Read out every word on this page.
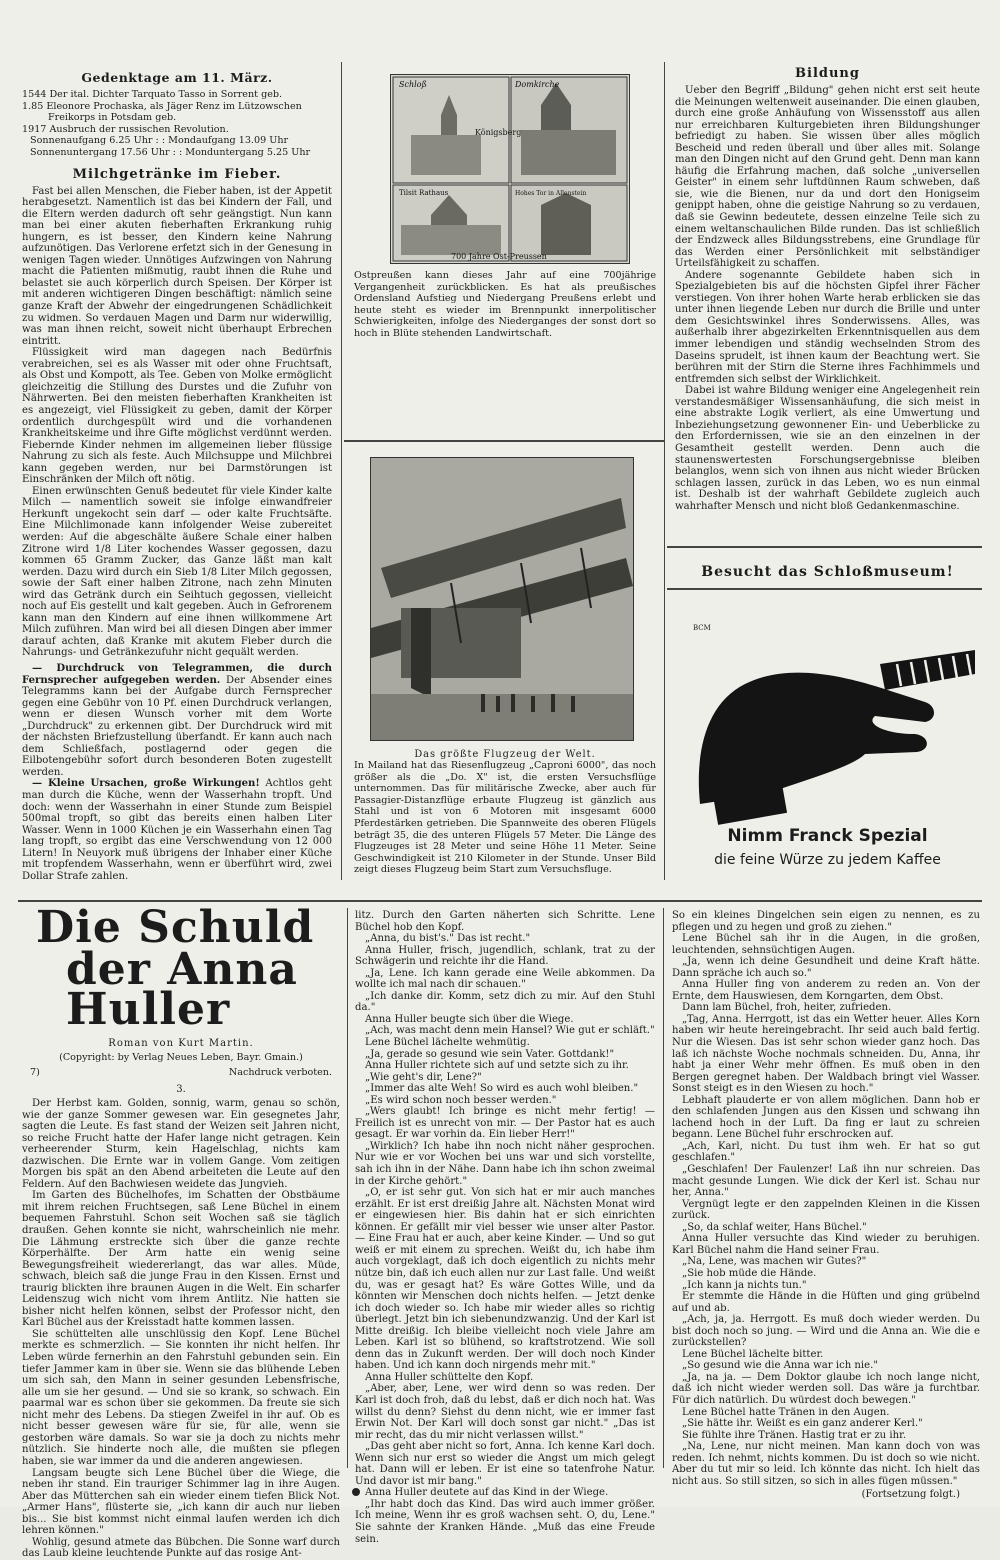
Gedenktage am 11. März.
1544 Der ital. Dichter Tarquato Tasso in Sorrent geb.
1.85 Eleonore Prochaska, als Jäger Renz im Lützowschen
Freikorps in Potsdam geb.
1917 Ausbruch der russischen Revolution.
Sonnenaufgang 6.25 Uhr : : Mondaufgang 13.09 Uhr
Sonnenuntergang 17.56 Uhr : : Monduntergang 5.25 Uhr
Milchgetränke im Fieber.

Fast bei allen Menschen, die Fieber haben, ist der Appetit herabgesetzt. Namentlich ist das bei Kindern der Fall, und die Eltern werden dadurch oft sehr geängstigt. Nun kann man bei einer akuten fieberhaften Erkrankung ruhig hungern, es ist besser, den Kindern keine Nahrung aufzunötigen. Das Verlorene erfetzt sich in der Genesung in wenigen Tagen wieder. Unnötiges Aufzwingen von Nahrung macht die Patienten mißmutig, raubt ihnen die Ruhe und belastet sie auch körperlich durch Speisen. Der Körper ist mit anderen wichtigeren Dingen beschäftigt: nämlich seine ganze Kraft der Abwehr der eingedrungenen Schädlichkeit zu widmen. So verdauen Magen und Darm nur widerwillig, was man ihnen reicht, soweit nicht überhaupt Erbrechen eintritt.

Flüssigkeit wird man dagegen nach Bedürfnis verabreichen, sei es als Wasser mit oder ohne Fruchtsaft, als Obst und Kompott, als Tee. Geben von Molke ermöglicht gleichzeitig die Stillung des Durstes und die Zufuhr von Nährwerten. Bei den meisten fieberhaften Krankheiten ist es angezeigt, viel Flüssigkeit zu geben, damit der Körper ordentlich durchgespült wird und die vorhandenen Krankheitskeime und ihre Gifte möglichst verdünnt werden. Fiebernde Kinder nehmen im allgemeinen lieber flüssige Nahrung zu sich als feste. Auch Milchsuppe und Milchbrei kann gegeben werden, nur bei Darmstörungen ist Einschränken der Milch oft nötig.

Einen erwünschten Genuß bedeutet für viele Kinder kalte Milch — namentlich soweit sie infolge einwandfreier Herkunft ungekocht sein darf — oder kalte Fruchtsäfte. Eine Milchlimonade kann infolgender Weise zubereitet werden: Auf die abgeschälte äußere Schale einer halben Zitrone wird 1/8 Liter kochendes Wasser gegossen, dazu kommen 65 Gramm Zucker, das Ganze läßt man kalt werden. Dazu wird durch ein Sieb 1/8 Liter Milch gegossen, sowie der Saft einer halben Zitrone, nach zehn Minuten wird das Getränk durch ein Seihtuch gegossen, vielleicht noch auf Eis gestellt und kalt gegeben. Auch in Gefrorenem kann man den Kindern auf eine ihnen willkommene Art Milch zuführen. Man wird bei all diesen Dingen aber immer darauf achten, daß Kranke mit akutem Fieber durch die Nahrungs- und Getränkezufuhr nicht gequält werden.

— Durchdruck von Telegrammen, die durch Fernsprecher aufgegeben werden. Der Absender eines Telegramms kann bei der Aufgabe durch Fernsprecher gegen eine Gebühr von 10 Pf. einen Durchdruck verlangen, wenn er diesen Wunsch vorher mit dem Worte „Durchdruck" zu erkennen gibt. Der Durchdruck wird mit der nächsten Briefzustellung überfandt. Er kann auch nach dem Schließfach, postlagernd oder gegen die Eilbotengebühr sofort durch besonderen Boten zugestellt werden.

— Kleine Ursachen, große Wirkungen! Achtlos geht man durch die Küche, wenn der Wasserhahn tropft. Und doch: wenn der Wasserhahn in einer Stunde zum Beispiel 500mal tropft, so gibt das bereits einen halben Liter Wasser. Wenn in 1000 Küchen je ein Wasserhahn einen Tag lang tropft, so ergibt das eine Verschwendung von 12 000 Litern! In Neuyork muß übrigens der Inhaber einer Küche mit tropfendem Wasserhahn, wenn er überführt wird, zwei Dollar Strafe zahlen.

Schloß	Domkirche
Königsberg
Tilsit Rathaus	Hohes Tor in Allenstein
700 Jahre Ost-Preussen
Ostpreußen kann dieses Jahr auf eine 700jährige Vergangenheit zurückblicken. Es hat als preußisches Ordensland Aufstieg und Niedergang Preußens erlebt und heute steht es wieder im Brennpunkt innerpolitischer Schwierigkeiten, infolge des Niederganges der sonst dort so hoch in Blüte stehenden Landwirtschaft.
Das größte Flugzeug der Welt.
In Mailand hat das Riesenflugzeug „Caproni 6000", das noch größer als die „Do. X" ist, die ersten Versuchsflüge unternommen. Das für militärische Zwecke, aber auch für Passagier-Distanzflüge erbaute Flugzeug ist gänzlich aus Stahl und ist von 6 Motoren mit insgesamt 6000 Pferdestärken getrieben. Die Spannweite des oberen Flügels beträgt 35, die des unteren Flügels 57 Meter. Die Länge des Flugzeuges ist 28 Meter und seine Höhe 11 Meter. Seine Geschwindigkeit ist 210 Kilometer in der Stunde. Unser Bild zeigt dieses Flugzeug beim Start zum Versuchsfluge.
Bildung

Ueber den Begriff „Bildung" gehen nicht erst seit heute die Meinungen weltenweit auseinander. Die einen glauben, durch eine große Anhäufung von Wissensstoff aus allen nur erreichbaren Kulturgebieten ihren Bildungshunger befriedigt zu haben. Sie wissen über alles möglich Bescheid und reden überall und über alles mit. Solange man den Dingen nicht auf den Grund geht. Denn man kann häufig die Erfahrung machen, daß solche „universellen Geister" in einem sehr luftdünnen Raum schweben, daß sie, wie die Bienen, nur da und dort den Honigseim genippt haben, ohne die geistige Nahrung so zu verdauen, daß sie Gewinn bedeutete, dessen einzelne Teile sich zu einem weltanschaulichen Bilde runden. Das ist schließlich der Endzweck alles Bildungsstrebens, eine Grundlage für das Werden einer Persönlichkeit mit selbständiger Urteilsfähigkeit zu schaffen.

Andere sogenannte Gebildete haben sich in Spezialgebieten bis auf die höchsten Gipfel ihrer Fächer verstiegen. Von ihrer hohen Warte herab erblicken sie das unter ihnen liegende Leben nur durch die Brille und unter dem Gesichtswinkel ihres Sonderwissens. Alles, was außerhalb ihrer abgezirkelten Erkenntnisquellen aus dem immer lebendigen und ständig wechselnden Strom des Daseins sprudelt, ist ihnen kaum der Beachtung wert. Sie berühren mit der Stirn die Sterne ihres Fachhimmels und entfremden sich selbst der Wirklichkeit.

Dabei ist wahre Bildung weniger eine Angelegenheit rein verstandesmäßiger Wissensanhäufung, die sich meist in eine abstrakte Logik verliert, als eine Umwertung und Inbeziehungsetzung gewonnener Ein- und Ueberblicke zu den Erfordernissen, wie sie an den einzelnen in der Gesamtheit gestellt werden. Denn auch die staunenswertesten Forschungsergebnisse bleiben belanglos, wenn sich von ihnen aus nicht wieder Brücken schlagen lassen, zurück in das Leben, wo es nun einmal ist. Deshalb ist der wahrhaft Gebildete zugleich auch wahrhafter Mensch und nicht bloß Gedankenmaschine.

Besucht das Schloßmuseum!
BCM
Nimm Franck Spezial
die feine Würze zu jedem Kaffee
Die Schuld
der Anna Huller
Roman von Kurt Martin.
(Copyright: by Verlag Neues Leben, Bayr. Gmain.)
7)	Nachdruck verboten.
3.

Der Herbst kam. Golden, sonnig, warm, genau so schön, wie der ganze Sommer gewesen war. Ein gesegnetes Jahr, sagten die Leute. Es fast stand der Weizen seit Jahren nicht, so reiche Frucht hatte der Hafer lange nicht getragen. Kein verheerender Sturm, kein Hagelschlag, nichts kam dazwischen. Die Ernte war in vollem Gange. Vom zeitigen Morgen bis spät an den Abend arbeiteten die Leute auf den Feldern. Auf den Bachwiesen weidete das Jungvieh.

Im Garten des Büchelhofes, im Schatten der Obstbäume mit ihrem reichen Fruchtsegen, saß Lene Büchel in einem bequemen Fahrstuhl. Schon seit Wochen saß sie täglich draußen. Gehen konnte sie nicht, wahrscheinlich nie mehr. Die Lähmung erstreckte sich über die ganze rechte Körperhälfte. Der Arm hatte ein wenig seine Bewegungsfreiheit wiedererlangt, das war alles. Müde, schwach, bleich saß die junge Frau in den Kissen. Ernst und traurig blickten ihre braunen Augen in die Welt. Ein scharfer Leidenszug wich nicht vom ihrem Antlitz. Nie hatten sie bisher nicht helfen können, selbst der Professor nicht, den Karl Büchel aus der Kreisstadt hatte kommen lassen.

Sie schüttelten alle unschlüssig den Kopf. Lene Büchel merkte es schmerzlich. — Sie konnten ihr nicht helfen. Ihr Leben würde fernerhin an den Fahrstuhl gebunden sein. Ein tiefer Jammer kam in über sie. Wenn sie das blühende Leben um sich sah, den Mann in seiner gesunden Lebensfrische, alle um sie her gesund. — Und sie so krank, so schwach. Ein paarmal war es schon über sie gekommen. Da freute sie sich nicht mehr des Lebens. Da stiegen Zweifel in ihr auf. Ob es nicht besser gewesen wäre für sie, für alle, wenn sie gestorben wäre damals. So war sie ja doch zu nichts mehr nützlich. Sie hinderte noch alle, die mußten sie pflegen haben, sie war immer da und die anderen angewiesen.

Langsam beugte sich Lene Büchel über die Wiege, die neben ihr stand. Ein trauriger Schimmer lag in ihre Augen. Aber das Mütterchen sah ein wieder einem tiefen Blick Not. „Armer Hans", flüsterte sie, „ich kann dir auch nur lieben bis... Sie bist kommst nicht einmal laufen werden ich dich lehren können."

Wohlig, gesund atmete das Bübchen. Die Sonne warf durch das Laub kleine leuchtende Punkte auf das rosige Ant-

litz. Durch den Garten näherten sich Schritte. Lene Büchel hob den Kopf.

„Anna, du bist's." Das ist recht."

Anna Huller, frisch, jugendlich, schlank, trat zu der Schwägerin und reichte ihr die Hand.

„Ja, Lene. Ich kann gerade eine Weile abkommen. Da wollte ich mal nach dir schauen."

„Ich danke dir. Komm, setz dich zu mir. Auf den Stuhl da."

Anna Huller beugte sich über die Wiege.

„Ach, was macht denn mein Hansel? Wie gut er schläft."

Lene Büchel lächelte wehmütig.

„Ja, gerade so gesund wie sein Vater. Gottdank!"

Anna Huller richtete sich auf und setzte sich zu ihr.

„Wie geht's dir, Lene?"

„Immer das alte Weh! So wird es auch wohl bleiben."

„Es wird schon noch besser werden."

„Wers glaubt! Ich bringe es nicht mehr fertig! — Freilich ist es unrecht von mir. — Der Pastor hat es auch gesagt. Er war vorhin da. Ein lieber Herr!"

„Wirklich? Ich habe ihn noch nicht näher gesprochen. Nur wie er vor Wochen bei uns war und sich vorstellte, sah ich ihn in der Nähe. Dann habe ich ihn schon zweimal in der Kirche gehört."

„O, er ist sehr gut. Von sich hat er mir auch manches erzählt. Er ist erst dreißig Jahre alt. Nächsten Monat wird er eingewiesen hier. Bis dahin hat er sich einrichten können. Er gefällt mir viel besser wie unser alter Pastor. — Eine Frau hat er auch, aber keine Kinder. — Und so gut weiß er mit einem zu sprechen. Weißt du, ich habe ihm auch vorgeklagt, daß ich doch eigentlich zu nichts mehr nütze bin, daß ich euch allen nur zur Last falle. Und weißt du, was er gesagt hat? Es wäre Gottes Wille, und da könnten wir Menschen doch nichts helfen. — Jetzt denke ich doch wieder so. Ich habe mir wieder alles so richtig überlegt. Jetzt bin ich siebenundzwanzig. Und der Karl ist Mitte dreißig. Ich bleibe vielleicht noch viele Jahre am Leben. Karl ist so blühend, so kraftstrotzend. Wie soll denn das in Zukunft werden. Der will doch noch Kinder haben. Und ich kann doch nirgends mehr mit."

Anna Huller schüttelte den Kopf.

„Aber, aber, Lene, wer wird denn so was reden. Der Karl ist doch froh, daß du lebst, daß er dich noch hat. Was willst du denn? Siehst du denn nicht, wie er immer fast Erwin Not. Der Karl will doch sonst gar nicht." „Das ist mir recht, das du mir nicht verlassen willst."

„Das geht aber nicht so fort, Anna. Ich kenne Karl doch. Wenn sich nur erst so wieder die Angst um mich gelegt hat. Dann will er leben. Er ist eine so tatenfrohe Natur. Und davor ist mir bang."

Anna Huller deutete auf das Kind in der Wiege.

„Ihr habt doch das Kind. Das wird auch immer größer. Ich meine, Wenn ihr es groß wachsen seht. O, du, Lene." Sie sahnte der Kranken Hände. „Muß das eine Freude sein.

So ein kleines Dingelchen sein eigen zu nennen, es zu pflegen und zu hegen und groß zu ziehen."

Lene Büchel sah ihr in die Augen, in die großen, leuchtenden, sehnsüchtigen Augen.

„Ja, wenn ich deine Gesundheit und deine Kraft hätte. Dann spräche ich auch so."

Anna Huller fing von anderem zu reden an. Von der Ernte, dem Hauswiesen, dem Korngarten, dem Obst.

Dann lam Büchel, froh, heiter, zufrieden.

„Tag, Anna. Herrgott, ist das ein Wetter heuer. Alles Korn haben wir heute hereingebracht. Ihr seid auch bald fertig. Nur die Wiesen. Das ist sehr schon wieder ganz hoch. Das laß ich nächste Woche nochmals schneiden. Du, Anna, ihr habt ja einer Wehr mehr öffnen. Es muß oben in den Bergen geregnet haben. Der Waldbach bringt viel Wasser. Sonst steigt es in den Wiesen zu hoch."

Lebhaft plauderte er von allem möglichen. Dann hob er den schlafenden Jungen aus den Kissen und schwang ihn lachend hoch in der Luft. Da fing er laut zu schreien begann. Lene Büchel fuhr erschrocken auf.

„Ach, Karl, nicht. Du tust ihm weh. Er hat so gut geschlafen."

„Geschlafen! Der Faulenzer! Laß ihn nur schreien. Das macht gesunde Lungen. Wie dick der Kerl ist. Schau nur her, Anna."

Vergnügt legte er den zappelnden Kleinen in die Kissen zurück.

„So, da schlaf weiter, Hans Büchel."

Anna Huller versuchte das Kind wieder zu beruhigen. Karl Büchel nahm die Hand seiner Frau.

„Na, Lene, was machen wir Gutes?"

„Sie hob müde die Hände.

„Ich kann ja nichts tun."

Er stemmte die Hände in die Hüften und ging grübelnd auf und ab.

„Ach, ja, ja. Herrgott. Es muß doch wieder werden. Du bist doch noch so jung. — Wird und die Anna an. Wie die e zurückstellen?

Lene Büchel lächelte bitter.

„So gesund wie die Anna war ich nie."

„Ja, na ja. — Dem Doktor glaube ich noch lange nicht, daß ich nicht wieder werden soll. Das wäre ja furchtbar. Für dich natürlich. Du würdest doch bewegen."

Lene Büchel hatte Tränen in den Augen.

„Sie hätte ihr. Weißt es ein ganz anderer Kerl."

Sie fühlte ihre Tränen. Hastig trat er zu ihr.

„Na, Lene, nur nicht meinen. Man kann doch von was reden. Ich nehmt, nichts kommen. Du ist doch so wie nicht. Aber du tut mir so leid. Ich könnte das nicht. Ich hielt das nicht aus. So still sitzen, so sich in alles fügen müssen."

(Fortsetzung folgt.)
